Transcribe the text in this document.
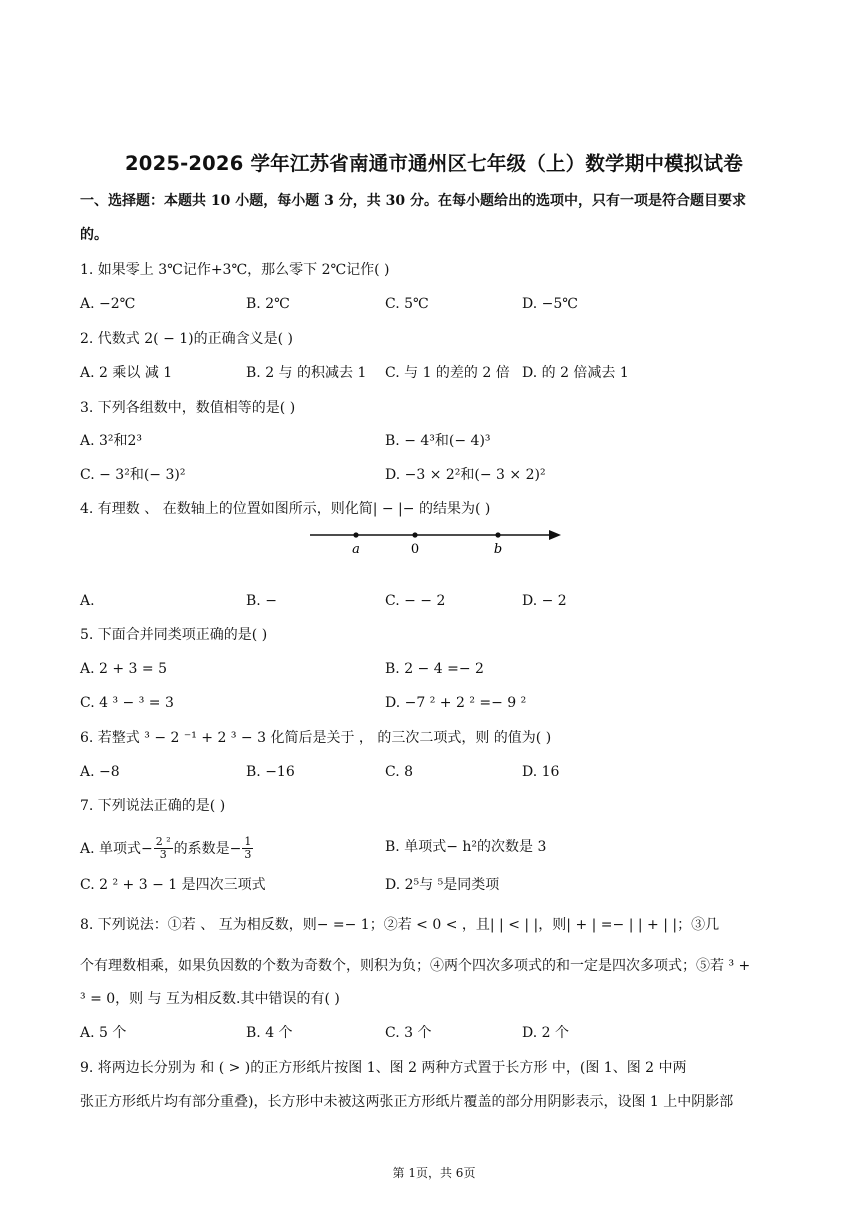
2025-2026 学年江苏省南通市通州区七年级（上）数学期中模拟试卷
一、选择题：本题共 10 小题，每小题 3 分，共 30 分。在每小题给出的选项中，只有一项是符合题目要求
的。
1. 如果零上 3℃记作+3℃，那么零下 2℃记作( )
A. −2℃	B. 2℃	C. 5℃	D. −5℃
2. 代数式 2( − 1)的正确含义是( )
A. 2 乘以 减 1	B. 2 与 的积减去 1 C. 与 1 的差的 2 倍 D. 的 2 倍减去 1
3. 下列各组数中，数值相等的是( )
A. 3²和2³	B. − 4³和(− 4)³
C. − 3²和(− 3)²	D. −3 × 2²和(− 3 × 2)²
4. 有理数 、 在数轴上的位置如图所示，则化简| − |− 的结果为( )
a	0	b
A.	B. −	C. − − 2	D. − 2
5. 下面合并同类项正确的是( )
A. 2 + 3 = 5	B. 2 − 4 =− 2
C. 4 ³ − ³ = 3	D. −7 ² + 2 ² =− 9 ²
6. 若整式 ³ − 2 ⁻¹ + 2 ³ − 3 化简后是关于 ， 的三次二项式，则 的值为( )
A. −8	B. −16	C. 8	D. 16
7. 下列说法正确的是( )
A. 单项式− $\frac{\text{2 ²}}{3}$ 的系数是− $\frac{1}{3}$	B. 单项式− h²的次数是 3
C. 2 ² + 3 − 1 是四次三项式	D. 2⁵与 ⁵是同类项
8. 下列说法：①若 、 互为相反数，则− =− 1；②若 < 0 < ，且| | < | |，则| + | =− | | + | |；③几
个有理数相乘，如果负因数的个数为奇数个，则积为负；④两个四次多项式的和一定是四次多项式；⑤若 ³ +
³ = 0，则 与 互为相反数.其中错误的有( )
A. 5 个	B. 4 个	C. 3 个	D. 2 个
9. 将两边长分别为 和 ( > )的正方形纸片按图 1、图 2 两种方式置于长方形 中，(图 1、图 2 中两
张正方形纸片均有部分重叠)，长方形中未被这两张正方形纸片覆盖的部分用阴影表示，设图 1 上中阴影部
第 1页，共 6页
